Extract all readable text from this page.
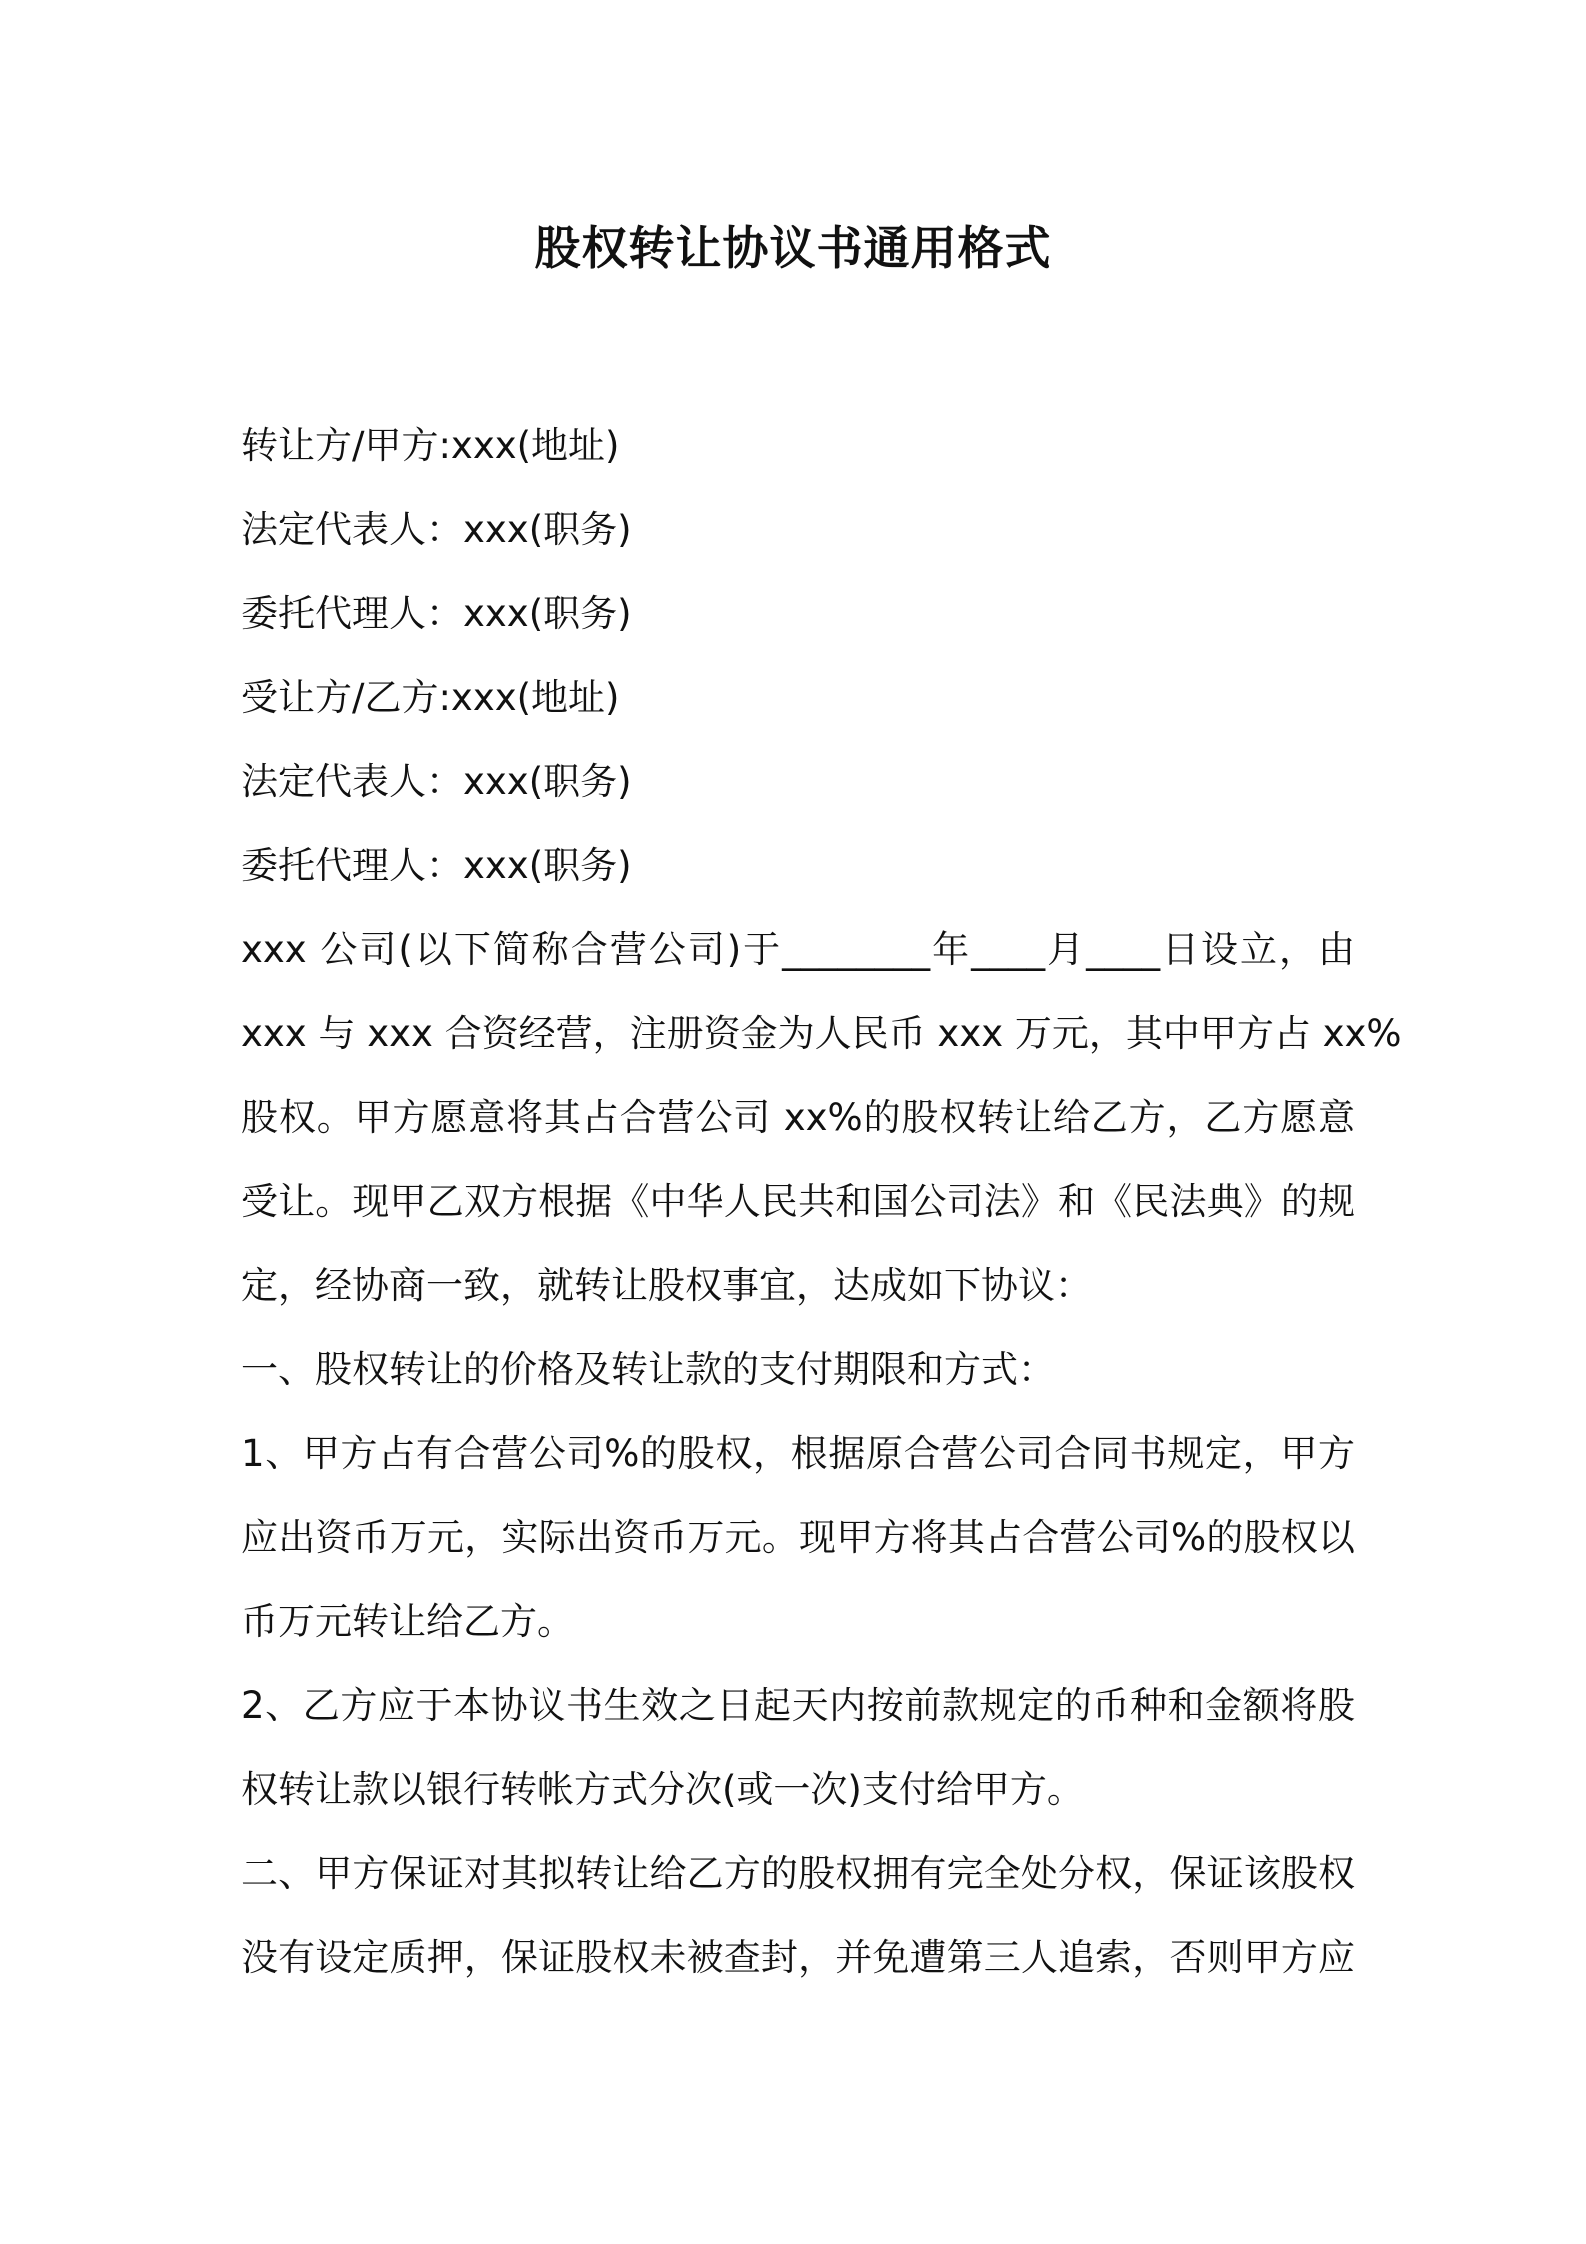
股权转让协议书通用格式
转让方/甲方:xxx(地址)
法定代表人：xxx(职务)
委托代理人：xxx(职务)
受让方/乙方:xxx(地址)
法定代表人：xxx(职务)
委托代理人：xxx(职务)
xxx 公司(以下简称合营公司)于________年____月____日设立，由
xxx 与 xxx 合资经营，注册资金为人民币 xxx 万元，其中甲方占 xx%
股权。甲方愿意将其占合营公司 xx%的股权转让给乙方，乙方愿意
受让。现甲乙双方根据《中华人民共和国公司法》和《民法典》的规
定，经协商一致，就转让股权事宜，达成如下协议：
一、股权转让的价格及转让款的支付期限和方式：
1、甲方占有合营公司%的股权，根据原合营公司合同书规定，甲方
应出资币万元，实际出资币万元。现甲方将其占合营公司%的股权以
币万元转让给乙方。
2、乙方应于本协议书生效之日起天内按前款规定的币种和金额将股
权转让款以银行转帐方式分次(或一次)支付给甲方。
二、甲方保证对其拟转让给乙方的股权拥有完全处分权，保证该股权
没有设定质押，保证股权未被查封，并免遭第三人追索，否则甲方应
